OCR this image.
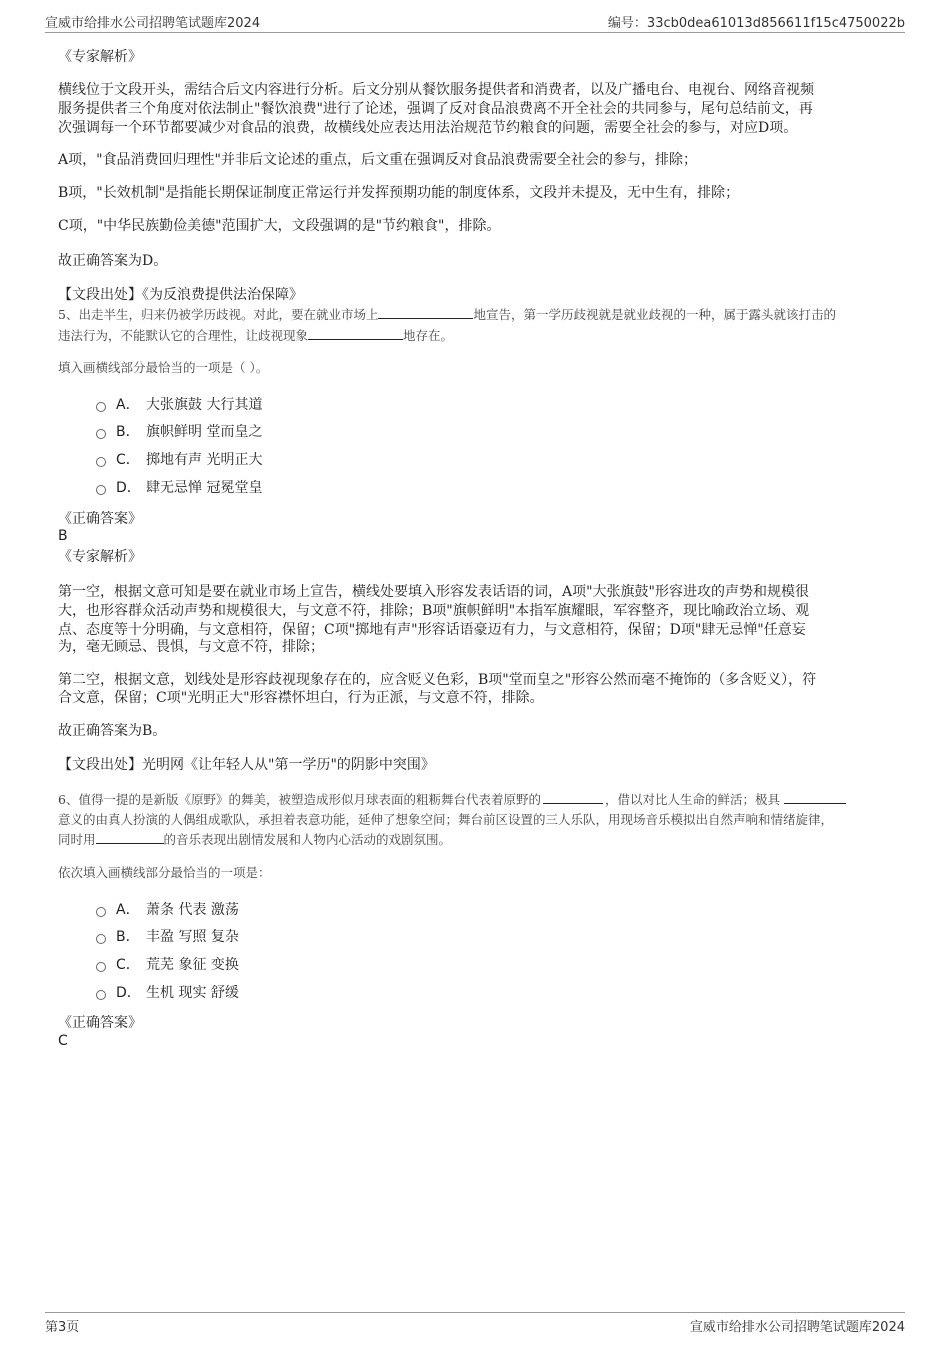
宣威市给排水公司招聘笔试题库2024	编号：33cb0dea61013d856611f15c4750022b
《专家解析》
横线位于文段开头，需结合后文内容进行分析。后文分别从餐饮服务提供者和消费者，以及广播电台、电视台、网络音视频
服务提供者三个角度对依法制止"餐饮浪费"进行了论述，强调了反对食品浪费离不开全社会的共同参与，尾句总结前文，再
次强调每一个环节都要减少对食品的浪费，故横线处应表达用法治规范节约粮食的问题，需要全社会的参与，对应D项。
A项，"食品消费回归理性"并非后文论述的重点，后文重在强调反对食品浪费需要全社会的参与，排除；
B项，"长效机制"是指能长期保证制度正常运行并发挥预期功能的制度体系，文段并未提及，无中生有，排除；
C项，"中华民族勤俭美德"范围扩大，文段强调的是"节约粮食"，排除。
故正确答案为D。
【文段出处】《为反浪费提供法治保障》
5、出走半生，归来仍被学历歧视。对此，要在就业市场上	地宣告，第一学历歧视就是就业歧视的一种，属于露头就该打击的
违法行为，不能默认它的合理性，让歧视现象	地存在。
填入画横线部分最恰当的一项是（ ）。
A． 大张旗鼓 大行其道
B． 旗帜鲜明 堂而皇之
C． 掷地有声 光明正大
D． 肆无忌惮 冠冕堂皇
《正确答案》
B
《专家解析》
第一空，根据文意可知是要在就业市场上宣告，横线处要填入形容发表话语的词，A项"大张旗鼓"形容进攻的声势和规模很
大，也形容群众活动声势和规模很大，与文意不符，排除；B项"旗帜鲜明"本指军旗耀眼，军容整齐，现比喻政治立场、观
点、态度等十分明确，与文意相符，保留；C项"掷地有声"形容话语豪迈有力，与文意相符，保留；D项"肆无忌惮"任意妄
为，毫无顾忌、畏惧，与文意不符，排除；
第二空，根据文意，划线处是形容歧视现象存在的，应含贬义色彩，B项"堂而皇之"形容公然而毫不掩饰的（多含贬义），符
合文意，保留；C项"光明正大"形容襟怀坦白，行为正派，与文意不符，排除。
故正确答案为B。
【文段出处】光明网《让年轻人从"第一学历"的阴影中突围》
6、值得一提的是新版《原野》的舞美，被塑造成形似月球表面的粗粝舞台代表着原野的	，借以对比人生命的鲜活；极具
意义的由真人扮演的人偶组成歌队，承担着表意功能，延伸了想象空间；舞台前区设置的三人乐队，用现场音乐模拟出自然声响和情绪旋律，
同时用	的音乐表现出剧情发展和人物内心活动的戏剧氛围。
依次填入画横线部分最恰当的一项是：
A． 萧条 代表 激荡
B． 丰盈 写照 复杂
C． 荒芜 象征 变换
D． 生机 现实 舒缓
《正确答案》
C
第3页	宣威市给排水公司招聘笔试题库2024
